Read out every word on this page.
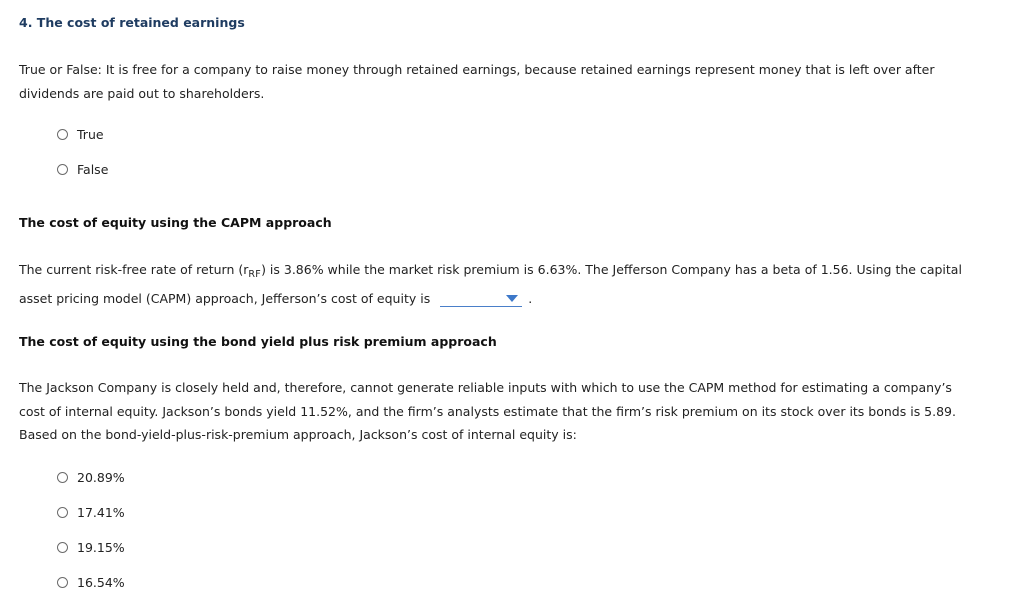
4. The cost of retained earnings
True or False: It is free for a company to raise money through retained earnings, because retained earnings represent money that is left over after dividends are paid out to shareholders.
True
False
The cost of equity using the CAPM approach
The current risk-free rate of return $(r_{RF})$ is 3.86% while the market risk premium is 6.63%. The Jefferson Company has a beta of 1.56. Using the capital asset pricing model (CAPM) approach, Jefferson’s cost of equity is	.
The cost of equity using the bond yield plus risk premium approach
The Jackson Company is closely held and, therefore, cannot generate reliable inputs with which to use the CAPM method for estimating a company’s cost of internal equity. Jackson’s bonds yield 11.52%, and the firm’s analysts estimate that the firm’s risk premium on its stock over its bonds is 5.89. Based on the bond-yield-plus-risk-premium approach, Jackson’s cost of internal equity is:
20.89%
17.41%
19.15%
16.54%
